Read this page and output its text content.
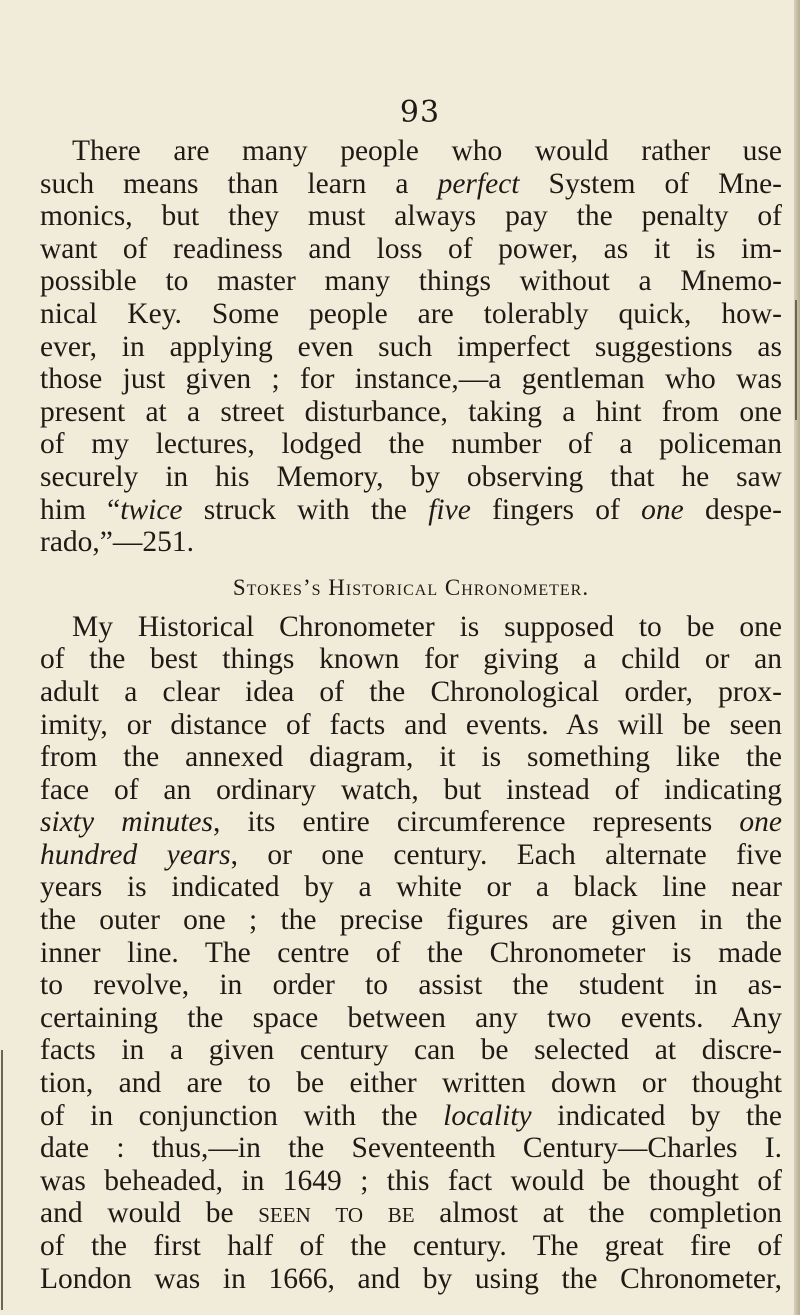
93
There are many people who would rather use
such means than learn a perfect System of Mne-
monics, but they must always pay the penalty of
want of readiness and loss of power, as it is im-
possible to master many things without a Mnemo-
nical Key. Some people are tolerably quick, how-
ever, in applying even such imperfect suggestions as
those just given ; for instance,—a gentleman who was
present at a street disturbance, taking a hint from one
of my lectures, lodged the number of a policeman
securely in his Memory, by observing that he saw
him “twice struck with the five fingers of one despe-
rado,”—251.
Stokes’s Historical Chronometer.
My Historical Chronometer is supposed to be one
of the best things known for giving a child or an
adult a clear idea of the Chronological order, prox-
imity, or distance of facts and events. As will be seen
from the annexed diagram, it is something like the
face of an ordinary watch, but instead of indicating
sixty minutes, its entire circumference represents one
hundred years, or one century. Each alternate five
years is indicated by a white or a black line near
the outer one ; the precise figures are given in the
inner line. The centre of the Chronometer is made
to revolve, in order to assist the student in as-
certaining the space between any two events. Any
facts in a given century can be selected at discre-
tion, and are to be either written down or thought
of in conjunction with the locality indicated by the
date : thus,—in the Seventeenth Century—Charles I.
was beheaded, in 1649 ; this fact would be thought of
and would be seen to be almost at the completion
of the first half of the century. The great fire of
London was in 1666, and by using the Chronometer,
